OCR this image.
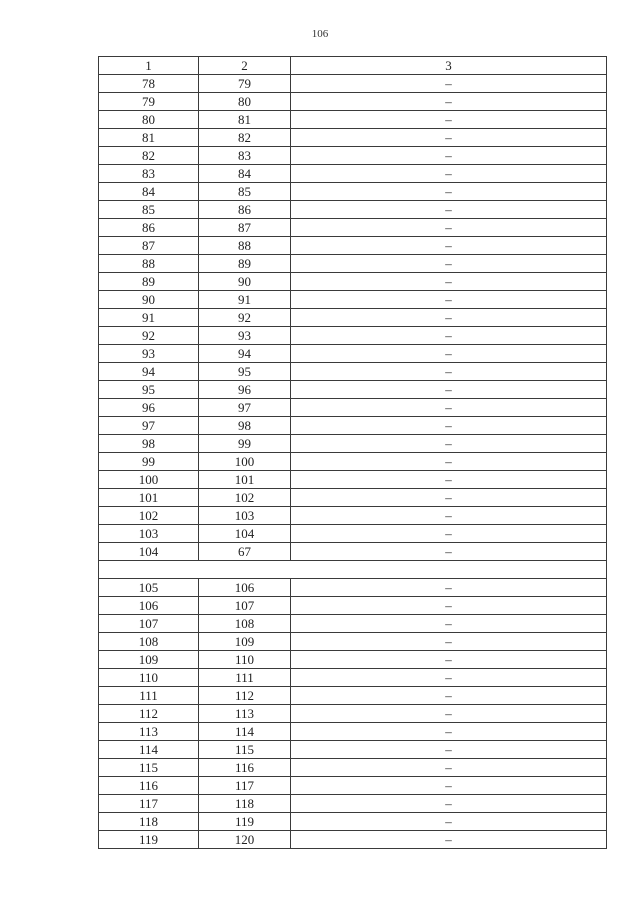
106
1	2	3
78	79	–
79	80	–
80	81	–
81	82	–
82	83	–
83	84	–
84	85	–
85	86	–
86	87	–
87	88	–
88	89	–
89	90	–
90	91	–
91	92	–
92	93	–
93	94	–
94	95	–
95	96	–
96	97	–
97	98	–
98	99	–
99	100	–
100	101	–
101	102	–
102	103	–
103	104	–
104	67	–

105	106	–
106	107	–
107	108	–
108	109	–
109	110	–
110	111	–
111	112	–
112	113	–
113	114	–
114	115	–
115	116	–
116	117	–
117	118	–
118	119	–
119	120	–
